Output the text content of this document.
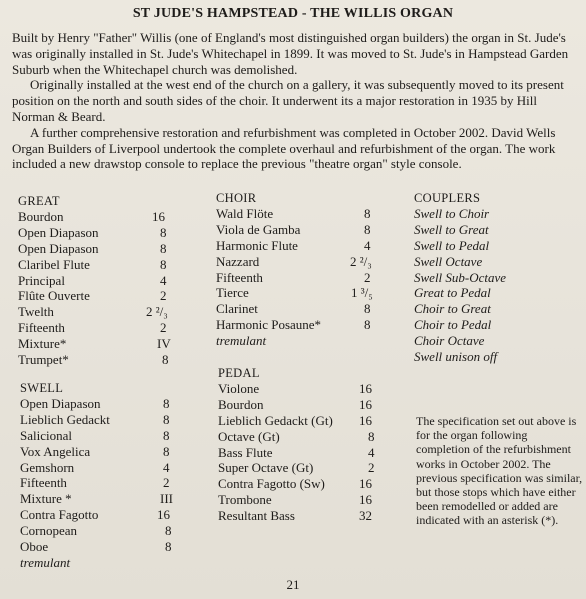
ST JUDE'S HAMPSTEAD - THE WILLIS ORGAN

Built by Henry "Father" Willis (one of England's most distinguished organ builders) the organ in St. Jude's was originally installed in St. Jude's Whitechapel in 1899. It was moved to St. Jude's in Hampstead Garden Suburb when the Whitechapel church was demolished.

Originally installed at the west end of the church on a gallery, it was subsequently moved to its present position on the north and south sides of the choir. It underwent its a major restoration in 1935 by Hill Norman & Beard.

A further comprehensive restoration and refurbishment was completed in October 2002. David Wells Organ Builders of Liverpool undertook the complete overhaul and refurbishment of the organ. The work included a new drawstop console to replace the previous "theatre organ" style console.

GREAT
Bourdon	16
Open Diapason	8
Open Diapason	8
Claribel Flute	8
Principal	4
Flûte Ouverte	2
Twelth	2 ²/₃
Fifteenth	2
Mixture*	IV
Trumpet*	8
SWELL
Open Diapason	8
Lieblich Gedackt	8
Salicional	8
Vox Angelica	8
Gemshorn	4
Fifteenth	2
Mixture *	III
Contra Fagotto	16
Cornopean	8
Oboe	8
tremulant
CHOIR
Wald Flöte	8
Viola de Gamba	8
Harmonic Flute	4
Nazzard	2 ²/₃
Fifteenth	2
Tierce	1 ³/₅
Clarinet	8
Harmonic Posaune*	8
tremulant
PEDAL
Violone	16
Bourdon	16
Lieblich Gedackt (Gt) 16
Octave (Gt)	8
Bass Flute	4
Super Octave (Gt)	2
Contra Fagotto (Sw)	16
Trombone	16
Resultant Bass	32
COUPLERS
Swell to Choir
Swell to Great
Swell to Pedal
Swell Octave
Swell Sub-Octave
Great to Pedal
Choir to Great
Choir to Pedal
Choir Octave
Swell unison off
The specification set out above is for the organ following completion of the refurbishment works in October 2002. The previous specification was similar, but those stops which have either been remodelled or added are indicated with an asterisk (*).
21
